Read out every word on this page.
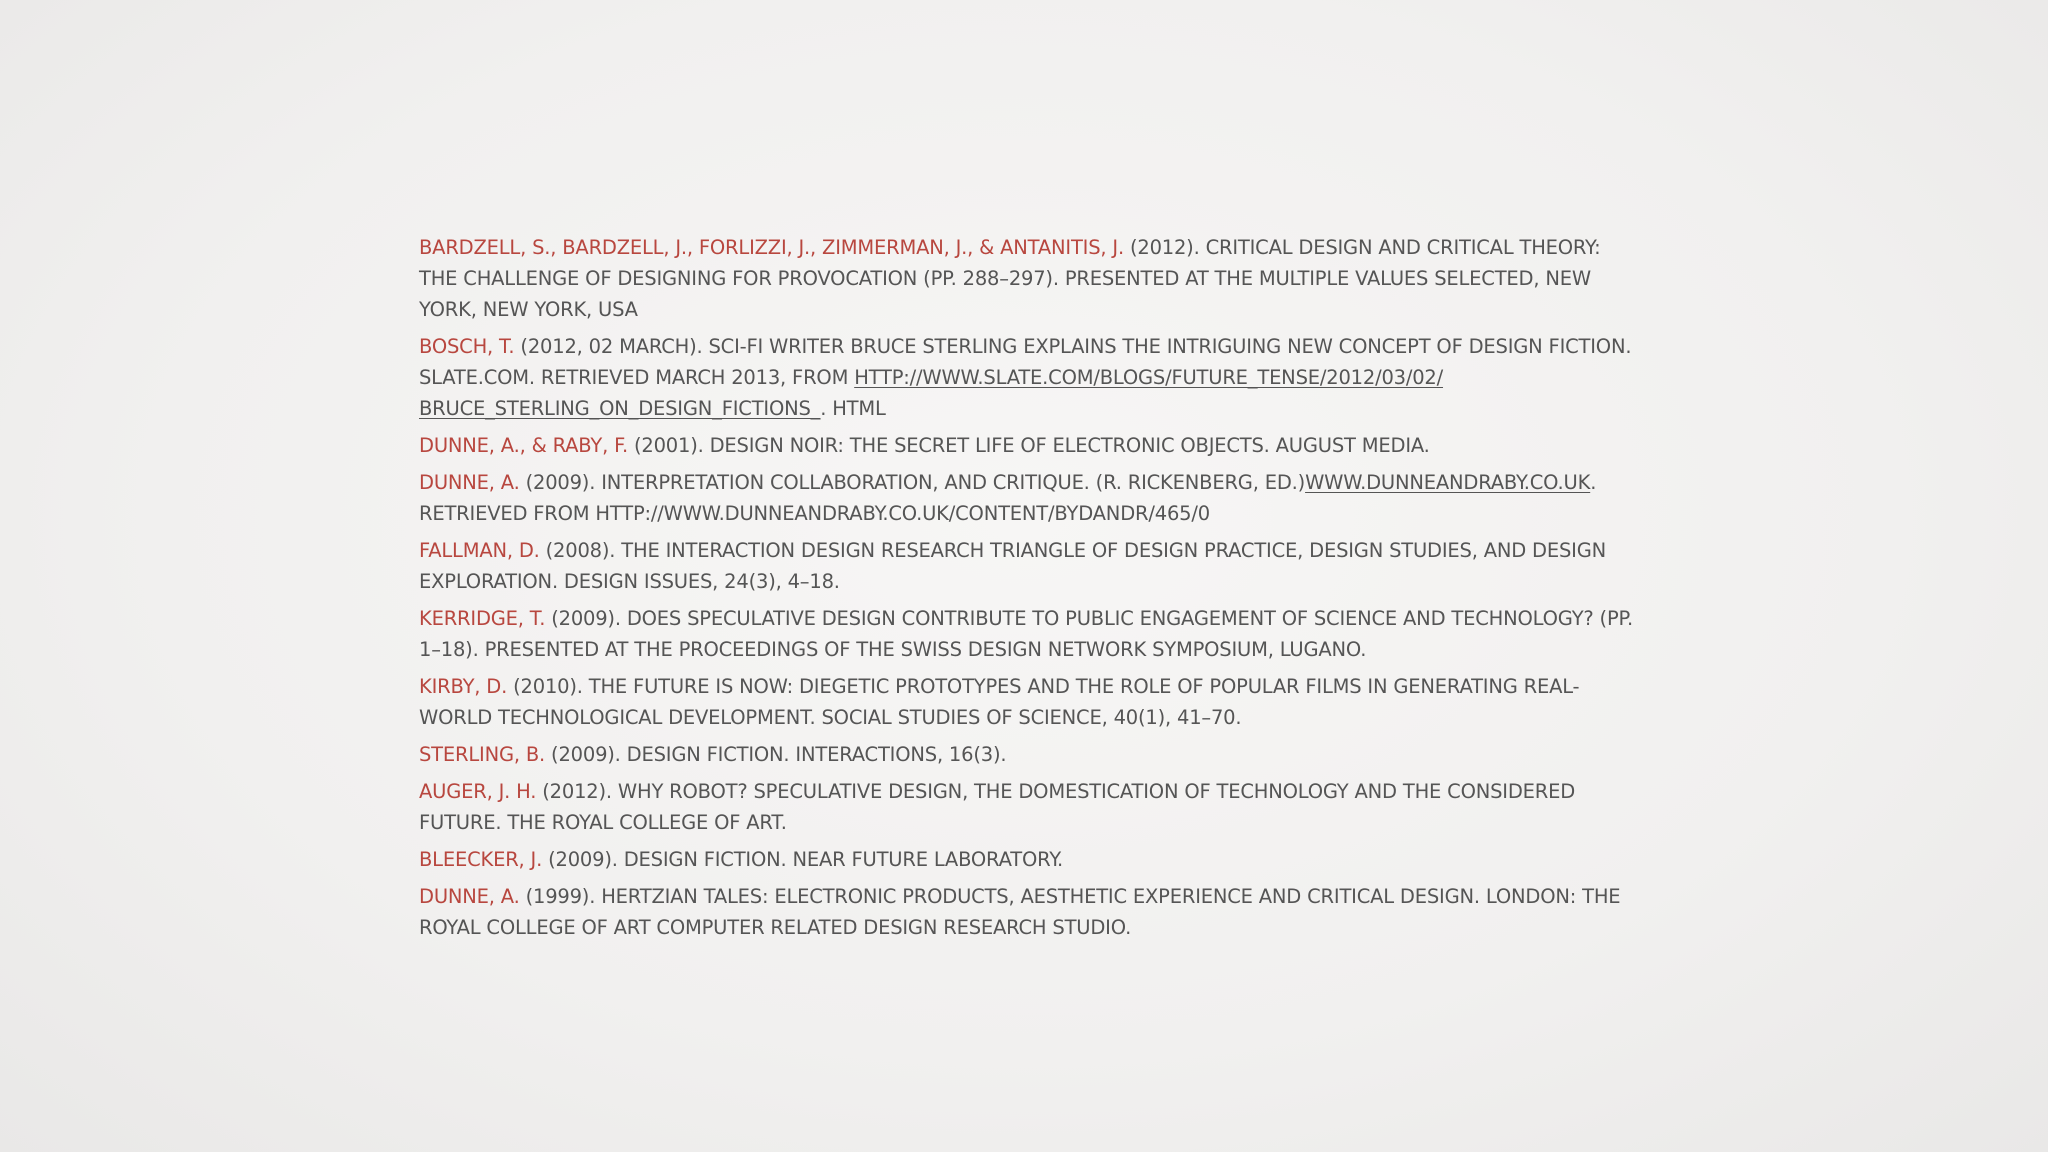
BARDZELL, S., BARDZELL, J., FORLIZZI, J., ZIMMERMAN, J., & ANTANITIS, J. (2012). CRITICAL DESIGN AND CRITICAL THEORY: THE CHALLENGE OF DESIGNING FOR PROVOCATION (PP. 288–297). PRESENTED AT THE MULTIPLE VALUES SELECTED, NEW YORK, NEW YORK, USA

BOSCH, T. (2012, 02 MARCH). SCI-FI WRITER BRUCE STERLING EXPLAINS THE INTRIGUING NEW CONCEPT OF DESIGN FICTION. SLATE.COM. RETRIEVED MARCH 2013, FROM HTTP://WWW.SLATE.COM/BLOGS/FUTURE_TENSE/2012/03/02/ BRUCE_STERLING_ON_DESIGN_FICTIONS_. HTML

DUNNE, A., & RABY, F. (2001). DESIGN NOIR: THE SECRET LIFE OF ELECTRONIC OBJECTS. AUGUST MEDIA.

DUNNE, A. (2009). INTERPRETATION COLLABORATION, AND CRITIQUE. (R. RICKENBERG, ED.)WWW.DUNNEANDRABY.CO.UK. RETRIEVED FROM HTTP://WWW.DUNNEANDRABY.CO.UK/CONTENT/BYDANDR/465/0

FALLMAN, D. (2008). THE INTERACTION DESIGN RESEARCH TRIANGLE OF DESIGN PRACTICE, DESIGN STUDIES, AND DESIGN EXPLORATION. DESIGN ISSUES, 24(3), 4–18.

KERRIDGE, T. (2009). DOES SPECULATIVE DESIGN CONTRIBUTE TO PUBLIC ENGAGEMENT OF SCIENCE AND TECHNOLOGY? (PP. 1–18). PRESENTED AT THE PROCEEDINGS OF THE SWISS DESIGN NETWORK SYMPOSIUM, LUGANO.

KIRBY, D. (2010). THE FUTURE IS NOW: DIEGETIC PROTOTYPES AND THE ROLE OF POPULAR FILMS IN GENERATING REAL-WORLD TECHNOLOGICAL DEVELOPMENT. SOCIAL STUDIES OF SCIENCE, 40(1), 41–70.

STERLING, B. (2009). DESIGN FICTION. INTERACTIONS, 16(3).

AUGER, J. H. (2012). WHY ROBOT? SPECULATIVE DESIGN, THE DOMESTICATION OF TECHNOLOGY AND THE CONSIDERED FUTURE. THE ROYAL COLLEGE OF ART.

BLEECKER, J. (2009). DESIGN FICTION. NEAR FUTURE LABORATORY.

DUNNE, A. (1999). HERTZIAN TALES: ELECTRONIC PRODUCTS, AESTHETIC EXPERIENCE AND CRITICAL DESIGN. LONDON: THE ROYAL COLLEGE OF ART COMPUTER RELATED DESIGN RESEARCH STUDIO.
